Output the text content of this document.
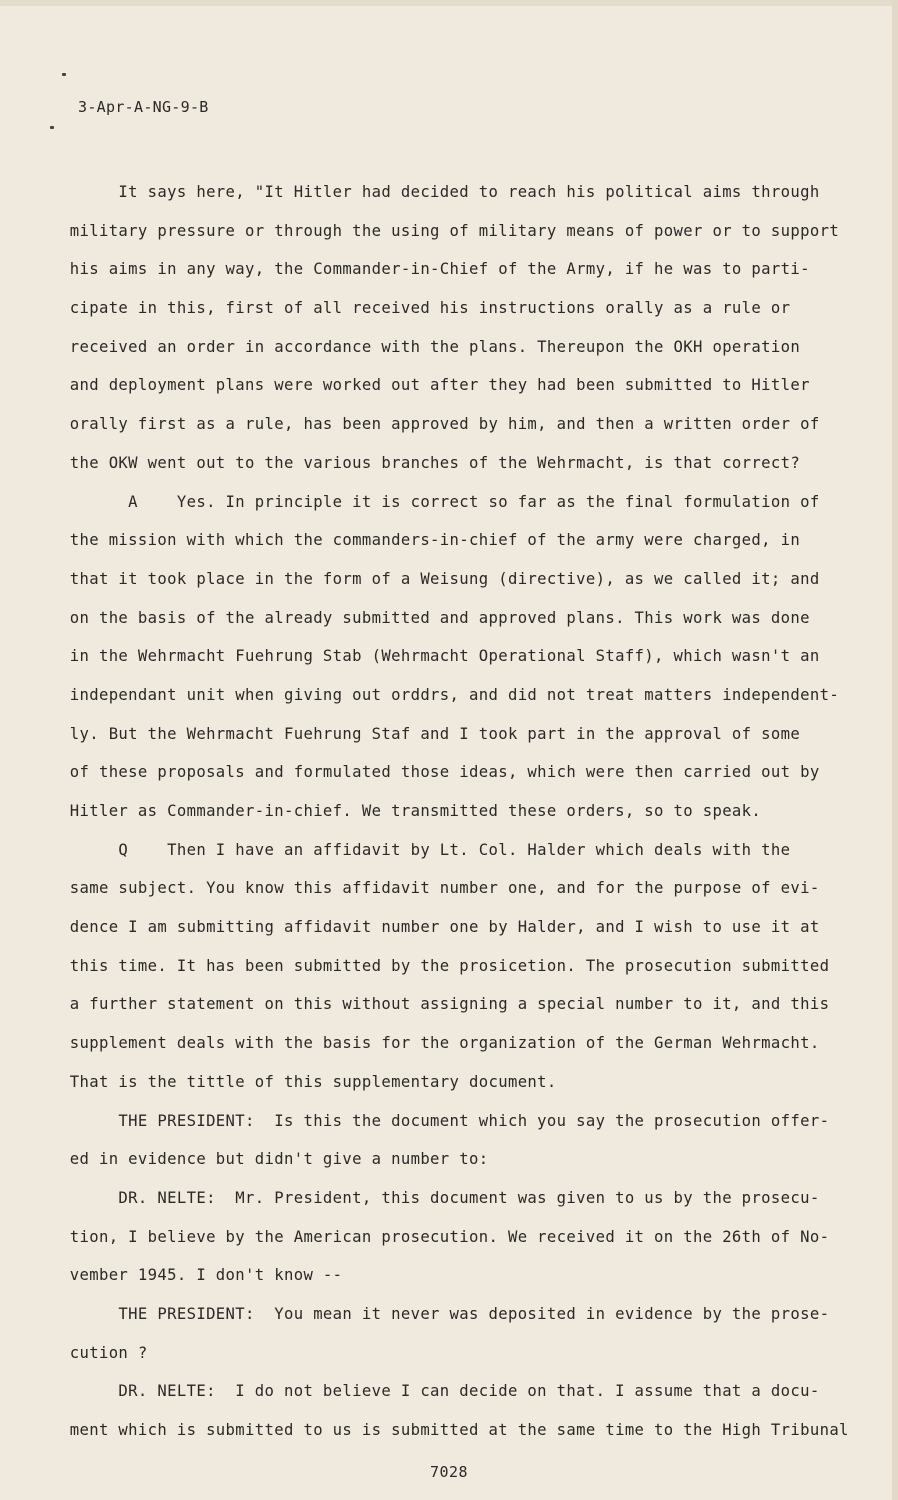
3-Apr-A-NG-9-B
It says here, "It Hitler had decided to reach his political aims through
military pressure or through the using of military means of power or to support
his aims in any way, the Commander-in-Chief of the Army, if he was to parti-
cipate in this, first of all received his instructions orally as a rule or
received an order in accordance with the plans. Thereupon the OKH operation
and deployment plans were worked out after they had been submitted to Hitler
orally first as a rule, has been approved by him, and then a written order of
the OKW went out to the various branches of the Wehrmacht, is that correct?
A    Yes. In principle it is correct so far as the final formulation of
the mission with which the commanders-in-chief of the army were charged, in
that it took place in the form of a Weisung (directive), as we called it; and
on the basis of the already submitted and approved plans. This work was done
in the Wehrmacht Fuehrung Stab (Wehrmacht Operational Staff), which wasn't an
independant unit when giving out orddrs, and did not treat matters independent-
ly. But the Wehrmacht Fuehrung Staf and I took part in the approval of some
of these proposals and formulated those ideas, which were then carried out by
Hitler as Commander-in-chief. We transmitted these orders, so to speak.
Q    Then I have an affidavit by Lt. Col. Halder which deals with the
same subject. You know this affidavit number one, and for the purpose of evi-
dence I am submitting affidavit number one by Halder, and I wish to use it at
this time. It has been submitted by the prosicetion. The prosecution submitted
a further statement on this without assigning a special number to it, and this
supplement deals with the basis for the organization of the German Wehrmacht.
That is the tittle of this supplementary document.
THE PRESIDENT:  Is this the document which you say the prosecution offer-
ed in evidence but didn't give a number to:
DR. NELTE:  Mr. President, this document was given to us by the prosecu-
tion, I believe by the American prosecution. We received it on the 26th of No-
vember 1945. I don't know --
THE PRESIDENT:  You mean it never was deposited in evidence by the prose-
cution ?
DR. NELTE:  I do not believe I can decide on that. I assume that a docu-
ment which is submitted to us is submitted at the same time to the High Tribunal
7028
